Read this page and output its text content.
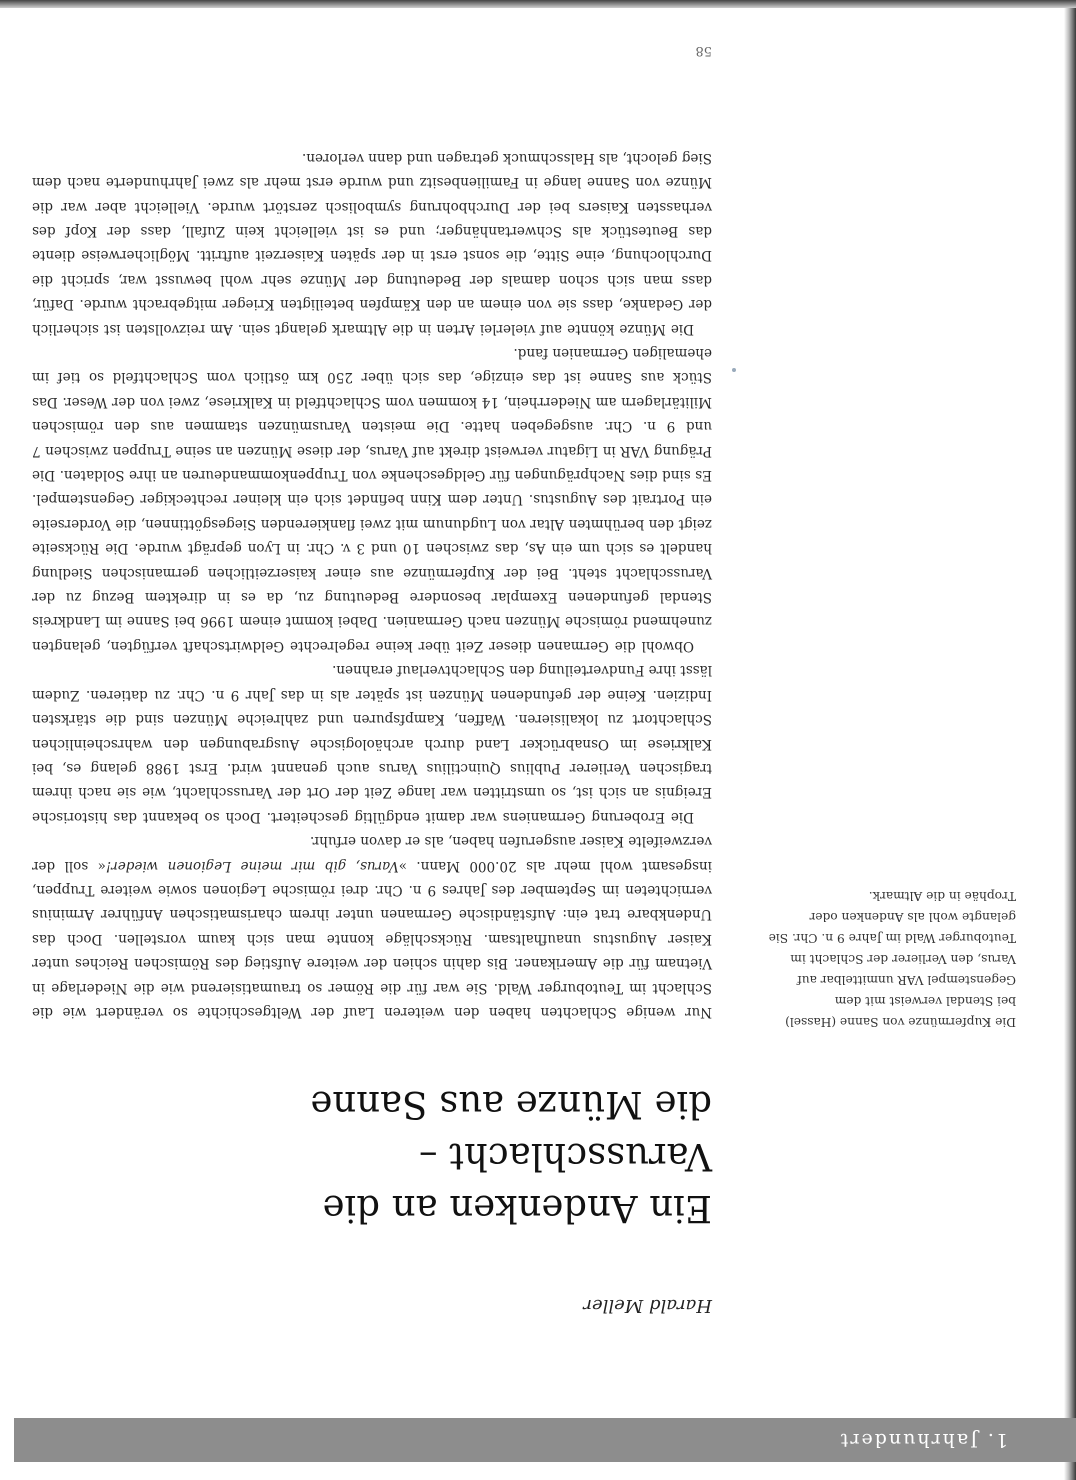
1. Jahrhundert
Harald Meller
Ein Andenken an die Varusschlacht –
die Münze aus Sanne
Die Kupfermünze von Sanne (Hassel) bei Stendal verweist mit dem Gegenstempel VAR unmittelbar auf Varus, den Verlierer der Schlacht im Teutoburger Wald im Jahre 9 n. Chr. Sie gelangte wohl als Andenken oder Trophäe in die Altmark.

Nur wenige Schlachten haben den weiteren Lauf der Weltgeschichte so verändert wie die Schlacht im Teutoburger Wald. Sie war für die Römer so traumatisierend wie die Niederlage in Vietnam für die Amerikaner. Bis dahin schien der weitere Aufstieg des Römischen Reiches unter Kaiser Augustus unaufhaltsam. Rückschläge konnte man sich kaum vorstellen. Doch das Undenkbare trat ein: Aufständische Germanen unter ihrem charismatischen Anführer Arminius vernichteten im September des Jahres 9 n. Chr. drei römische Legionen sowie weitere Truppen, insgesamt wohl mehr als 20.000 Mann. »Varus, gib mir meine Legionen wieder!« soll der verzweifelte Kaiser ausgerufen haben, als er davon erfuhr.

Die Eroberung Germaniens war damit endgültig gescheitert. Doch so bekannt das historische Ereignis an sich ist, so umstritten war lange Zeit der Ort der Varusschlacht, wie sie nach ihrem tragischen Verlierer Publius Quinctilius Varus auch genannt wird. Erst 1988 gelang es, bei Kalkriese im Osnabrücker Land durch archäologische Ausgrabungen den wahrscheinlichen Schlachtort zu lokalisieren. Waffen, Kampfspuren und zahlreiche Münzen sind die stärksten Indizien. Keine der gefundenen Münzen ist später als in das Jahr 9 n. Chr. zu datieren. Zudem lässt ihre Fundverteilung den Schlachtverlauf erahnen.

Obwohl die Germanen dieser Zeit über keine regelrechte Geldwirtschaft verfügten, gelangten zunehmend römische Münzen nach Germanien. Dabei kommt einem 1996 bei Sanne im Landkreis Stendal gefundenen Exemplar besondere Bedeutung zu, da es in direktem Bezug zu der Varusschlacht steht. Bei der Kupfermünze aus einer kaiserzeitlichen germanischen Siedlung handelt es sich um ein As, das zwischen 10 und 3 v. Chr. in Lyon geprägt wurde. Die Rückseite zeigt den berühmten Altar von Lugdunum mit zwei flankierenden Siegesgöttinnen, die Vorderseite ein Portrait des Augustus. Unter dem Kinn befindet sich ein kleiner rechteckiger Gegenstempel. Es sind dies Nachprägungen für Geldgeschenke von Truppenkommandeuren an ihre Soldaten. Die Prägung VAR in Ligatur verweist direkt auf Varus, der diese Münzen an seine Truppen zwischen 7 und 9 n. Chr. ausgegeben hatte. Die meisten Varusmünzen stammen aus den römischen Militärlagern am Niederrhein, 14 kommen vom Schlachtfeld in Kalkriese, zwei von der Weser. Das Stück aus Sanne ist das einzige, das sich über 250 km östlich vom Schlachtfeld so tief im ehemaligen Germanien fand.

Die Münze könnte auf vielerlei Arten in die Altmark gelangt sein. Am reizvollsten ist sicherlich der Gedanke, dass sie von einem an den Kämpfen beteiligten Krieger mitgebracht wurde. Dafür, dass man sich schon damals der Bedeutung der Münze sehr wohl bewusst war, spricht die Durchlochung, eine Sitte, die sonst erst in der späten Kaiserzeit auftritt. Möglicherweise diente das Beutestück als Schwertanhänger; und es ist vielleicht kein Zufall, dass der Kopf des verhassten Kaisers bei der Durchbohrung symbolisch zerstört wurde. Vielleicht aber war die Münze von Sanne lange in Familienbesitz und wurde erst mehr als zwei Jahrhunderte nach dem Sieg gelocht, als Halsschmuck getragen und dann verloren.

58
